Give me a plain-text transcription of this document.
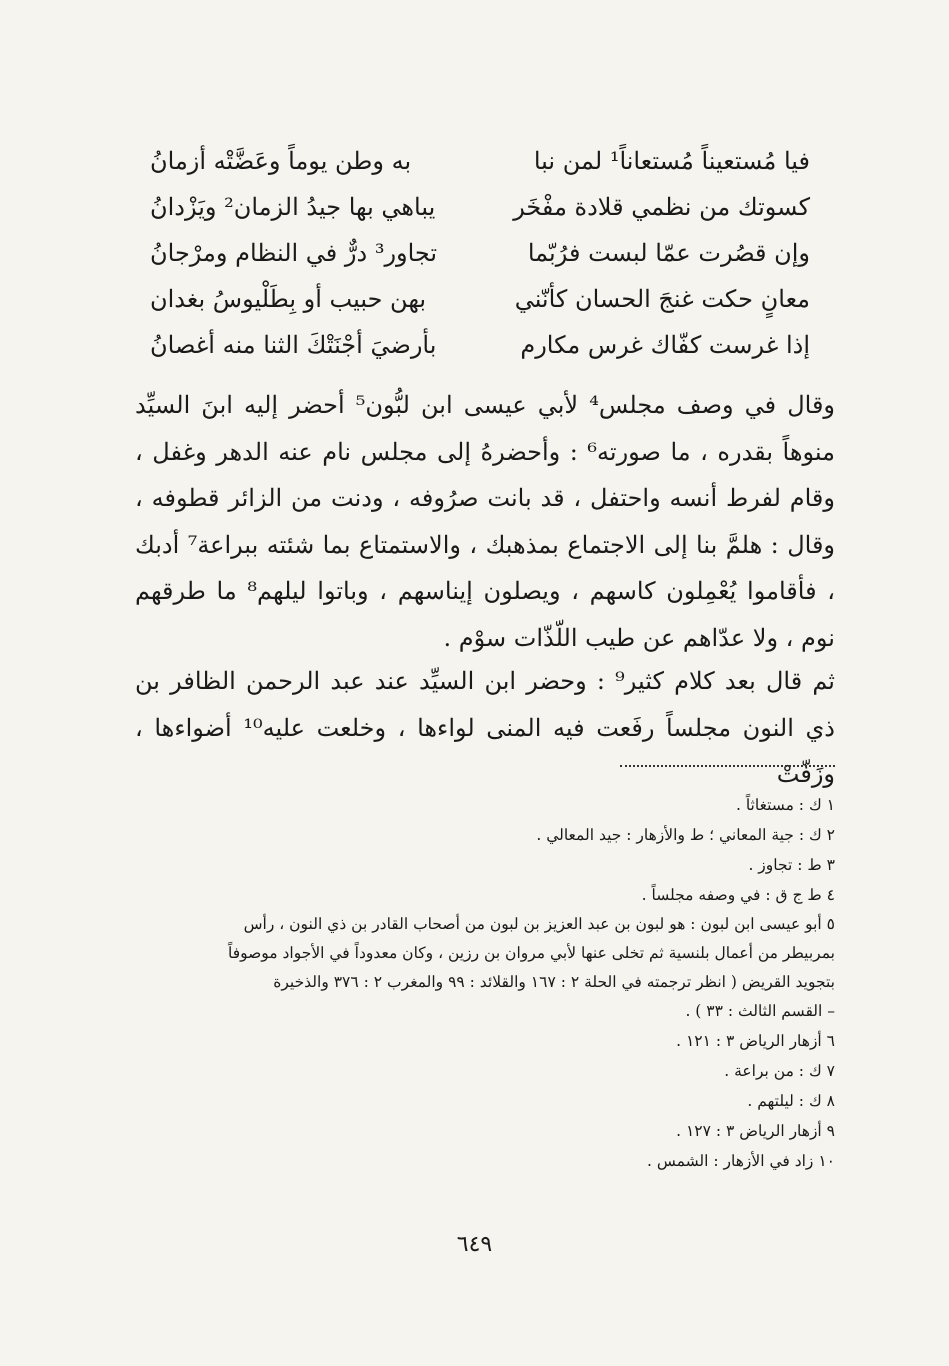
فيا مُستعيناً مُستعاناً¹ لمن نبا
به وطن يوماً وعَضَّتْه أزمانُ
كسوتك من نظمي قلادة مفْخَر
يباهي بها جيدُ الزمان² ويَزْدانُ
وإن قصُرت عمّا لبست فرُبّما
تجاور³ درٌّ في النظام ومرْجانُ
معانٍ حكت غنجَ الحسان كأنّني
بهن حبيب أو بِطَلْيوسُ بغدان
إذا غرست كفّاك غرس مكارم
بأرضيَ أجْنَتْكَ الثنا منه أغصانُ

وقال في وصف مجلس⁴ لأبي عيسى ابن لبُّون⁵ أحضر إليه ابنَ السيِّد منوهاً بقدره ، ما صورته⁶ : وأحضرهُ إلى مجلس نام عنه الدهر وغفل ، وقام لفرط أنسه واحتفل ، قد بانت صرُوفه ، ودنت من الزائر قطوفه ، وقال : هلمَّ بنا إلى الاجتماع بمذهبك ، والاستمتاع بما شئته ببراعة⁷ أدبك ، فأقاموا يُعْمِلون كاسهم ، ويصلون إيناسهم ، وباتوا ليلهم⁸ ما طرقهم نوم ، ولا عدّاهم عن طيب اللّذّات سوْم .

ثم قال بعد كلام كثير⁹ : وحضر ابن السيِّد عند عبد الرحمن الظافر بن ذي النون مجلساً رفَعت فيه المنى لواءها ، وخلعت عليه¹⁰ أضواءها ، وزَفّتْ

١ ك : مستغاثاً .
٢ ك : جية المعاني ؛ ط والأزهار : جيد المعالي .
٣ ط : تجاوز .
٤ ط ج ق : في وصفه مجلساً .
٥ أبو عيسى ابن لبون : هو لبون بن عبد العزيز بن لبون من أصحاب القادر بن ذي النون ، رأس
بمربيطر من أعمال بلنسية ثم تخلى عنها لأبي مروان بن رزين ، وكان معدوداً في الأجواد موصوفاً
بتجويد القريض ( انظر ترجمته في الحلة ٢ : ١٦٧ والقلائد : ٩٩ والمغرب ٢ : ٣٧٦ والذخيرة
– القسم الثالث : ٣٣ ) .
٦ أزهار الرياض ٣ : ١٢١ .
٧ ك : من براعة .
٨ ك : ليلتهم .
٩ أزهار الرياض ٣ : ١٢٧ .
١٠ زاد في الأزهار : الشمس .
٦٤٩
